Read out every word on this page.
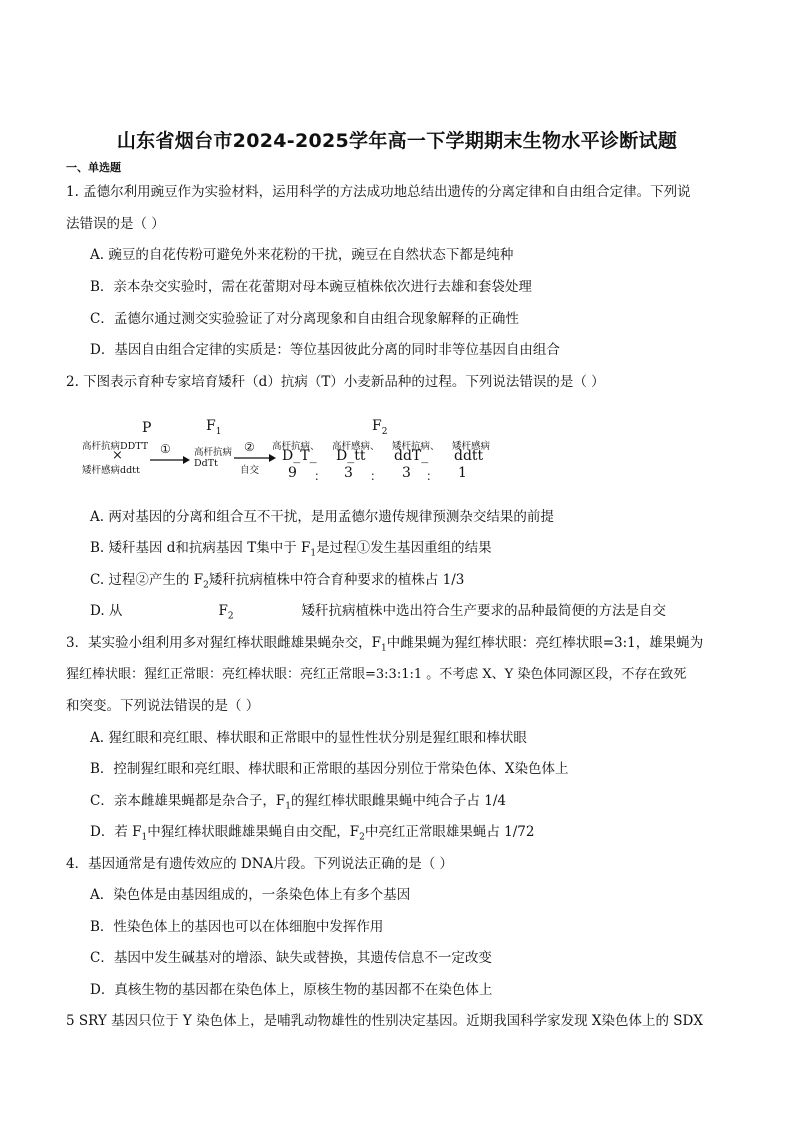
山东省烟台市2024-2025学年高一下学期期末生物水平诊断试题
一、单选题
1. 孟德尔利用豌豆作为实验材料，运用科学的方法成功地总结出遗传的分离定律和自由组合定律。下列说
法错误的是（ ）
A. 豌豆的自花传粉可避免外来花粉的干扰，豌豆在自然状态下都是纯种
B．亲本杂交实验时，需在花蕾期对母本豌豆植株依次进行去雄和套袋处理
C．孟德尔通过测交实验验证了对分离现象和自由组合现象解释的正确性
D．基因自由组合定律的实质是：等位基因彼此分离的同时非等位基因自由组合
2. 下图表示育种专家培育矮秆（d）抗病（T）小麦新品种的过程。下列说法错误的是（ ）
P
高杆抗病DDTT
×
矮杆感病ddtt
①
$F_1$
高杆抗病
DdTt
②
自交
$F_2$
高杆抗病、 高杆感病、 矮杆抗病、 矮杆感病
D_T_ D_tt ddT_ ddtt
9 ： 3 ： 3 ： 1
A. 两对基因的分离和组合互不干扰，是用孟德尔遗传规律预测杂交结果的前提
B. 矮秆基因 d和抗病基因 T集中于 $F_1$是过程①发生基因重组的结果
C. 过程②产生的 $F_2$矮秆抗病植株中符合育种要求的植株占 1/3
D. 从	$F_2$	矮秆抗病植株中选出符合生产要求的品种最简便的方法是自交
3．某实验小组利用多对猩红棒状眼雌雄果蝇杂交，$F_1$中雌果蝇为猩红棒状眼：亮红棒状眼=3:1，雄果蝇为
猩红棒状眼：猩红正常眼：亮红棒状眼：亮红正常眼=3:3:1:1 。不考虑 X、Y 染色体同源区段，不存在致死
和突变。下列说法错误的是（ ）
A. 猩红眼和亮红眼、棒状眼和正常眼中的显性性状分别是猩红眼和棒状眼
B．控制猩红眼和亮红眼、棒状眼和正常眼的基因分别位于常染色体、X染色体上
C．亲本雌雄果蝇都是杂合子，$F_1$的猩红棒状眼雌果蝇中纯合子占 1/4
D．若 $F_1$中猩红棒状眼雌雄果蝇自由交配，$F_2$中亮红正常眼雄果蝇占 1/72
4．基因通常是有遗传效应的 DNA片段。下列说法正确的是（ ）
A．染色体是由基因组成的，一条染色体上有多个基因
B．性染色体上的基因也可以在体细胞中发挥作用
C．基因中发生碱基对的增添、缺失或替换，其遗传信息不一定改变
D．真核生物的基因都在染色体上，原核生物的基因都不在染色体上
5 SRY 基因只位于 Y 染色体上，是哺乳动物雄性的性别决定基因。近期我国科学家发现 X染色体上的 SDX
